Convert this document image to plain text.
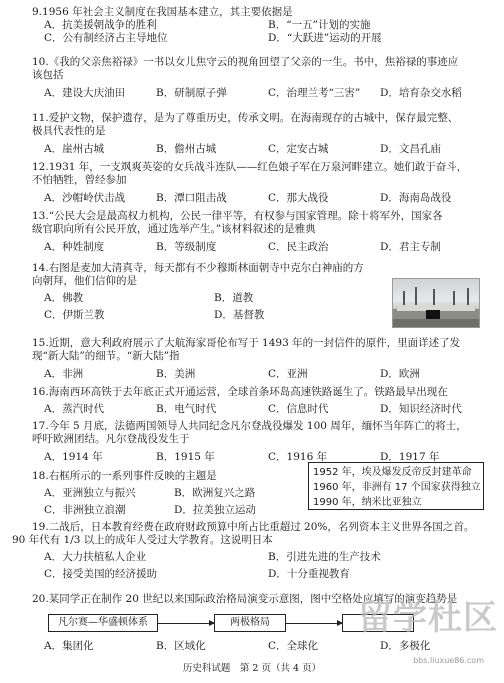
9.1956 年社会主义制度在我国基本建立，其主要依据是
A．抗美援朝战争的胜利	B．“一五”计划的实施
C．公有制经济占主导地位	D．“大跃进”运动的开展
10.《我的父亲焦裕禄》一书以女儿焦守云的视角回望了父亲的一生。书中，焦裕禄的事迹应
该包括
A．建设大庆油田	B．研制原子弹	C．治理兰考“三害”	D．培育杂交水稻
11.爱护文物，保护遗存，是为了尊重历史，传承文明。在海南现存的古城中，保存最完整、
极具代表性的是
A．崖州古城	B．儋州古城	C．定安古城	D．文昌孔庙
12.1931 年，一支飒爽英姿的女兵战斗连队——红色娘子军在万泉河畔建立。她们敢于奋斗，
不怕牺牲，曾经参加
A．沙帽岭伏击战	B．潭口阻击战	C．那大战役	D．海南岛战役
13.“公民大会是最高权力机构，公民一律平等，有权参与国家管理。除十将军外，国家各
级官职向所有公民开放，通过选举产生。”该材料叙述的是雅典
A．种姓制度	B．等级制度	C．民主政治	D．君主专制
14.右图是麦加大清真寺，每天都有不少穆斯林面朝寺中克尔白神庙的方
向朝拜，他们信仰的是
A．佛教	B．道教
C．伊斯兰教	D．基督教
15.近期，意大利政府展示了大航海家哥伦布写于 1493 年的一封信件的原件，里面详述了发
现“新大陆”的细节。“新大陆”指
A．非洲	B．美洲	C．亚洲	D．欧洲
16.海南西环高铁于去年底正式开通运营，全球首条环岛高速铁路诞生了。铁路最早出现在
A．蒸汽时代	B．电气时代	C．信息时代	D．知识经济时代
17.今年 5 月底，法德两国领导人共同纪念凡尔登战役爆发 100 周年，缅怀当年阵亡的将士，
呼吁欧洲团结。凡尔登战役发生于
A．1914 年	B．1915 年	C．1916 年	D．1917 年
18.右框所示的一系列事件反映的主题是
A．亚洲独立与振兴	B．欧洲复兴之路
C．非洲独立浪潮	D．拉美独立运动
1952 年，埃及爆发反帝反封建革命
1960 年，非洲有 17 个国家获得独立
1990 年，纳米比亚独立
19.二战后，日本教育经费在政府财政预算中所占比重超过 20%，名列资本主义世界各国之首。
90 年代有 1/3 以上的成年人受过大学教育。这说明日本
A．大力扶植私人企业	B．引进先进的生产技术
C．接受美国的经济援助	D．十分重视教育
20.某同学正在制作 20 世纪以来国际政治格局演变示意图，图中空格处应填写的演变趋势是
凡尔赛—华盛顿体系	两极格局
A．集团化	B．区域化	C．全球化	D．多极化
历史科试题　第 2 页（共 4 页）
留学杜区
bbs.liuxue86.com
